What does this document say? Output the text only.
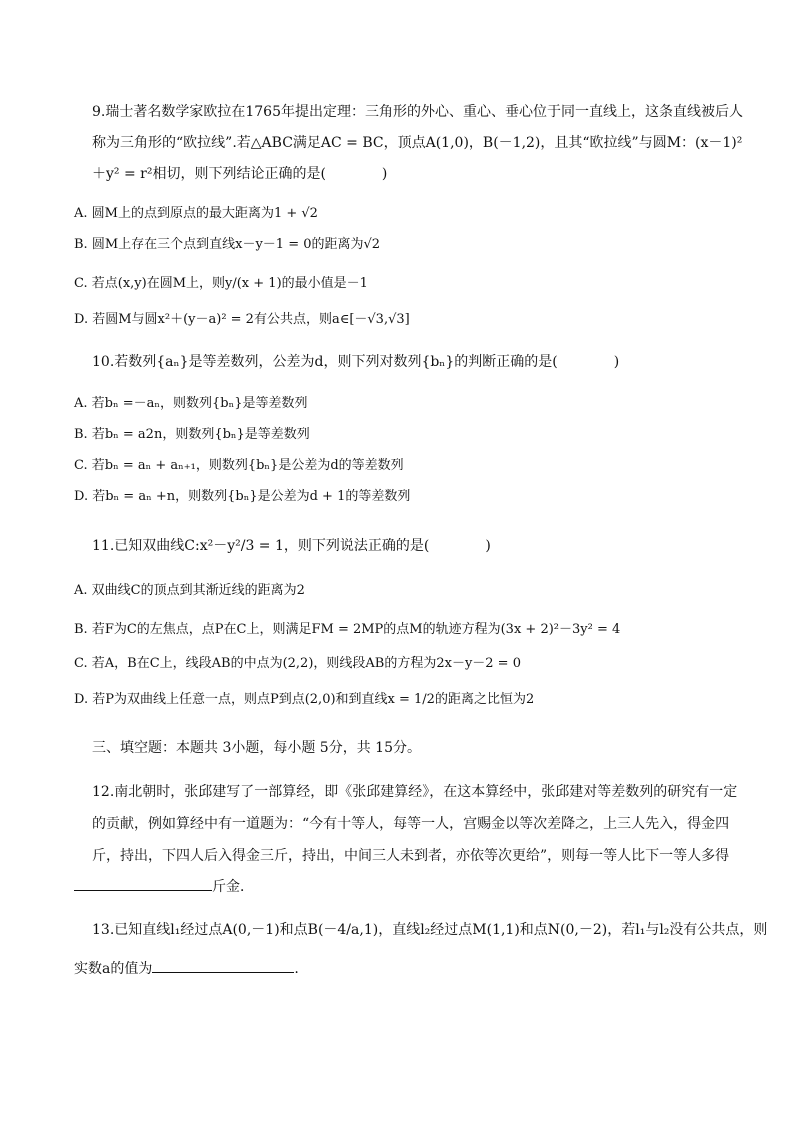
9.瑞士著名数学家欧拉在1765年提出定理：三角形的外心、重心、垂心位于同一直线上，这条直线被后人
称为三角形的“欧拉线”.若△ABC满足AC = BC，顶点A(1,0)，B(－1,2)，且其“欧拉线”与圆M：(x－1)²
＋y² = r²相切，则下列结论正确的是(　　　　)
A. 圆M上的点到原点的最大距离为1 + √2
B. 圆M上存在三个点到直线x－y－1 = 0的距离为√2
C. 若点(x,y)在圆M上，则y/(x + 1)的最小值是－1
D. 若圆M与圆x²＋(y－a)² = 2有公共点，则a∈[－√3,√3]
10.若数列{aₙ}是等差数列，公差为d，则下列对数列{bₙ}的判断正确的是(　　　　)
A. 若bₙ =－aₙ，则数列{bₙ}是等差数列
B. 若bₙ = a2n，则数列{bₙ}是等差数列
C. 若bₙ = aₙ + aₙ₊₁，则数列{bₙ}是公差为d的等差数列
D. 若bₙ = aₙ +n，则数列{bₙ}是公差为d + 1的等差数列
11.已知双曲线C:x²－y²/3 = 1，则下列说法正确的是(　　　　)
A. 双曲线C的顶点到其渐近线的距离为2
B. 若F为C的左焦点，点P在C上，则满足FM = 2MP的点M的轨迹方程为(3x + 2)²－3y² = 4
C. 若A，B在C上，线段AB的中点为(2,2)，则线段AB的方程为2x－y－2 = 0
D. 若P为双曲线上任意一点，则点P到点(2,0)和到直线x = 1/2的距离之比恒为2
三、填空题：本题共 3小题，每小题 5分，共 15分。
12.南北朝时，张邱建写了一部算经，即《张邱建算经》，在这本算经中，张邱建对等差数列的研究有一定
的贡献，例如算经中有一道题为：“今有十等人，每等一人，宫赐金以等次差降之，上三人先入，得金四
斤，持出，下四人后入得金三斤，持出，中间三人未到者，亦依等次更给”，则每一等人比下一等人多得
斤金．
13.已知直线l₁经过点A(0,－1)和点B(－4/a,1)，直线l₂经过点M(1,1)和点N(0,－2)，若l₁与l₂没有公共点，则
实数a的值为	.
